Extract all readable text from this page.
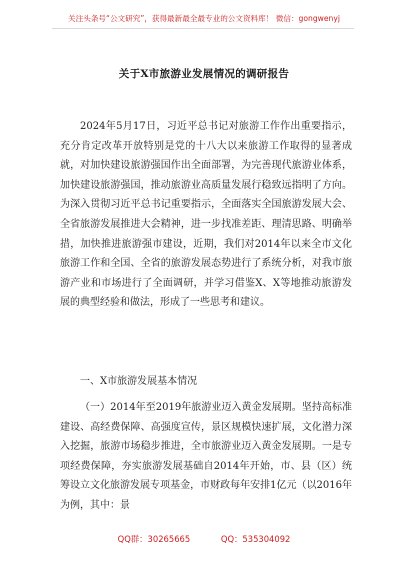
关注头条号“公文研究”，获得最新最全最专业的公文资料库！ 微信：gongwenyj
关于X市旅游业发展情况的调研报告

2024年5月17日，习近平总书记对旅游工作作出重要指示，充分肯定改革开放特别是党的十八大以来旅游工作取得的显著成就，对加快建设旅游强国作出全面部署，为完善现代旅游业体系，加快建设旅游强国，推动旅游业高质量发展行稳致远指明了方向。为深入贯彻习近平总书记重要指示，全面落实全国旅游发展大会、全省旅游发展推进大会精神，进一步找准差距、理清思路、明确举措，加快推进旅游强市建设，近期，我们对2014年以来全市文化旅游工作和全国、全省的旅游发展态势进行了系统分析，对我市旅游产业和市场进行了全面调研，并学习借鉴X、X等地推动旅游发展的典型经验和做法，形成了一些思考和建议。

一、X市旅游发展基本情况

（一）2014年至2019年旅游业迈入黄金发展期。坚持高标准建设、高经费保障、高强度宣传，景区规模快速扩展，文化潜力深入挖掘，旅游市场稳步推进，全市旅游业迈入黄金发展期。一是专项经费保障，夯实旅游发展基础自2014年开始，市、县（区）统筹设立文化旅游发展专项基金，市财政每年安排1亿元（以2016年为例，其中：景

QQ群：30265665	QQ：535304092
